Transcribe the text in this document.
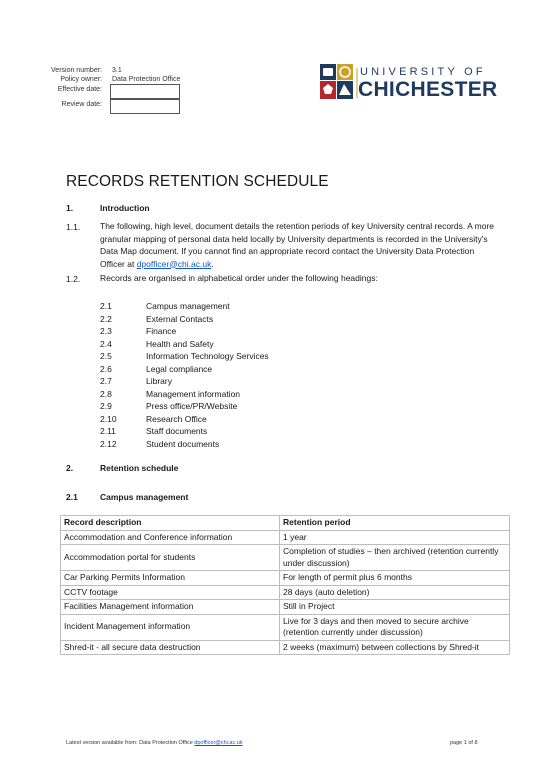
Version number: 3.1
Policy owner: Data Protection Office
Effective date:
Review date:
UNIVERSITY OF
CHICHESTER
RECORDS RETENTION SCHEDULE
1.	Introduction
1.1. The following, high level, document details the retention periods of key University central records. A more granular mapping of personal data held locally by University departments is recorded in the University's Data Map document. If you cannot find an appropriate record contact the University Data Protection Officer at dpofficer@chi.ac.uk.
1.2. Records are organised in alphabetical order under the following headings:
2.1	Campus management
2.2	External Contacts
2.3	Finance
2.4	Health and Safety
2.5	Information Technology Services
2.6	Legal compliance
2.7	Library
2.8	Management information
2.9	Press office/PR/Website
2.10	Research Office
2.11	Staff documents
2.12	Student documents
2.	Retention schedule
2.1	Campus management
Record description	Retention period
Accommodation and Conference information	1 year
Accommodation portal for students	Completion of studies – then archived (retention currently under discussion)
Car Parking Permits Information	For length of permit plus 6 months
CCTV footage	28 days (auto deletion)
Facilities Management information	Still in Project
Incident Management information	Live for 3 days and then moved to secure archive (retention currently under discussion)
Shred-it - all secure data destruction	2 weeks (maximum) between collections by Shred-it
Latest version available from: Data Protection Office dpofficer@chi.ac.uk	page 1 of 8
